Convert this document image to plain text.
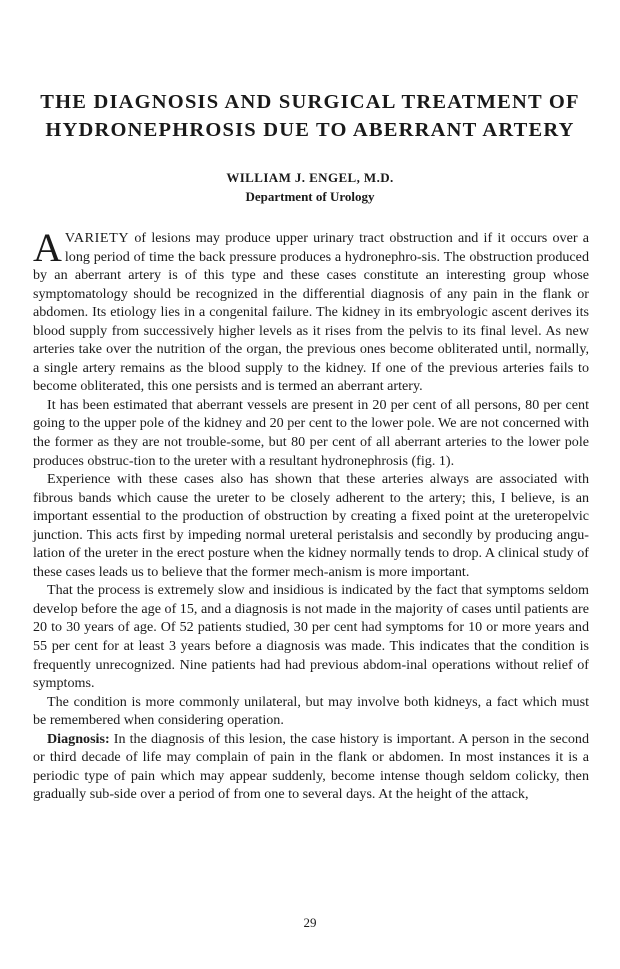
THE DIAGNOSIS AND SURGICAL TREATMENT OF
HYDRONEPHROSIS DUE TO ABERRANT ARTERY
WILLIAM J. ENGEL, M.D.
Department of Urology

AVARIETY of lesions may produce upper urinary tract obstruction and if it occurs over a long period of time the back pressure produces a hydronephro-sis. The obstruction produced by an aberrant artery is of this type and these cases constitute an interesting group whose symptomatology should be recognized in the differential diagnosis of any pain in the flank or abdomen. Its etiology lies in a congenital failure. The kidney in its embryologic ascent derives its blood supply from successively higher levels as it rises from the pelvis to its final level. As new arteries take over the nutrition of the organ, the previous ones become obliterated until, normally, a single artery remains as the blood supply to the kidney. If one of the previous arteries fails to become obliterated, this one persists and is termed an aberrant artery.

It has been estimated that aberrant vessels are present in 20 per cent of all persons, 80 per cent going to the upper pole of the kidney and 20 per cent to the lower pole. We are not concerned with the former as they are not trouble-some, but 80 per cent of all aberrant arteries to the lower pole produces obstruc-tion to the ureter with a resultant hydronephrosis (fig. 1).

Experience with these cases also has shown that these arteries always are associated with fibrous bands which cause the ureter to be closely adherent to the artery; this, I believe, is an important essential to the production of obstruction by creating a fixed point at the ureteropelvic junction. This acts first by impeding normal ureteral peristalsis and secondly by producing angu-lation of the ureter in the erect posture when the kidney normally tends to drop. A clinical study of these cases leads us to believe that the former mech-anism is more important.

That the process is extremely slow and insidious is indicated by the fact that symptoms seldom develop before the age of 15, and a diagnosis is not made in the majority of cases until patients are 20 to 30 years of age. Of 52 patients studied, 30 per cent had symptoms for 10 or more years and 55 per cent for at least 3 years before a diagnosis was made. This indicates that the condition is frequently unrecognized. Nine patients had had previous abdom-inal operations without relief of symptoms.

The condition is more commonly unilateral, but may involve both kidneys, a fact which must be remembered when considering operation.

Diagnosis: In the diagnosis of this lesion, the case history is important. A person in the second or third decade of life may complain of pain in the flank or abdomen. In most instances it is a periodic type of pain which may appear suddenly, become intense though seldom colicky, then gradually sub-side over a period of from one to several days. At the height of the attack,

29
